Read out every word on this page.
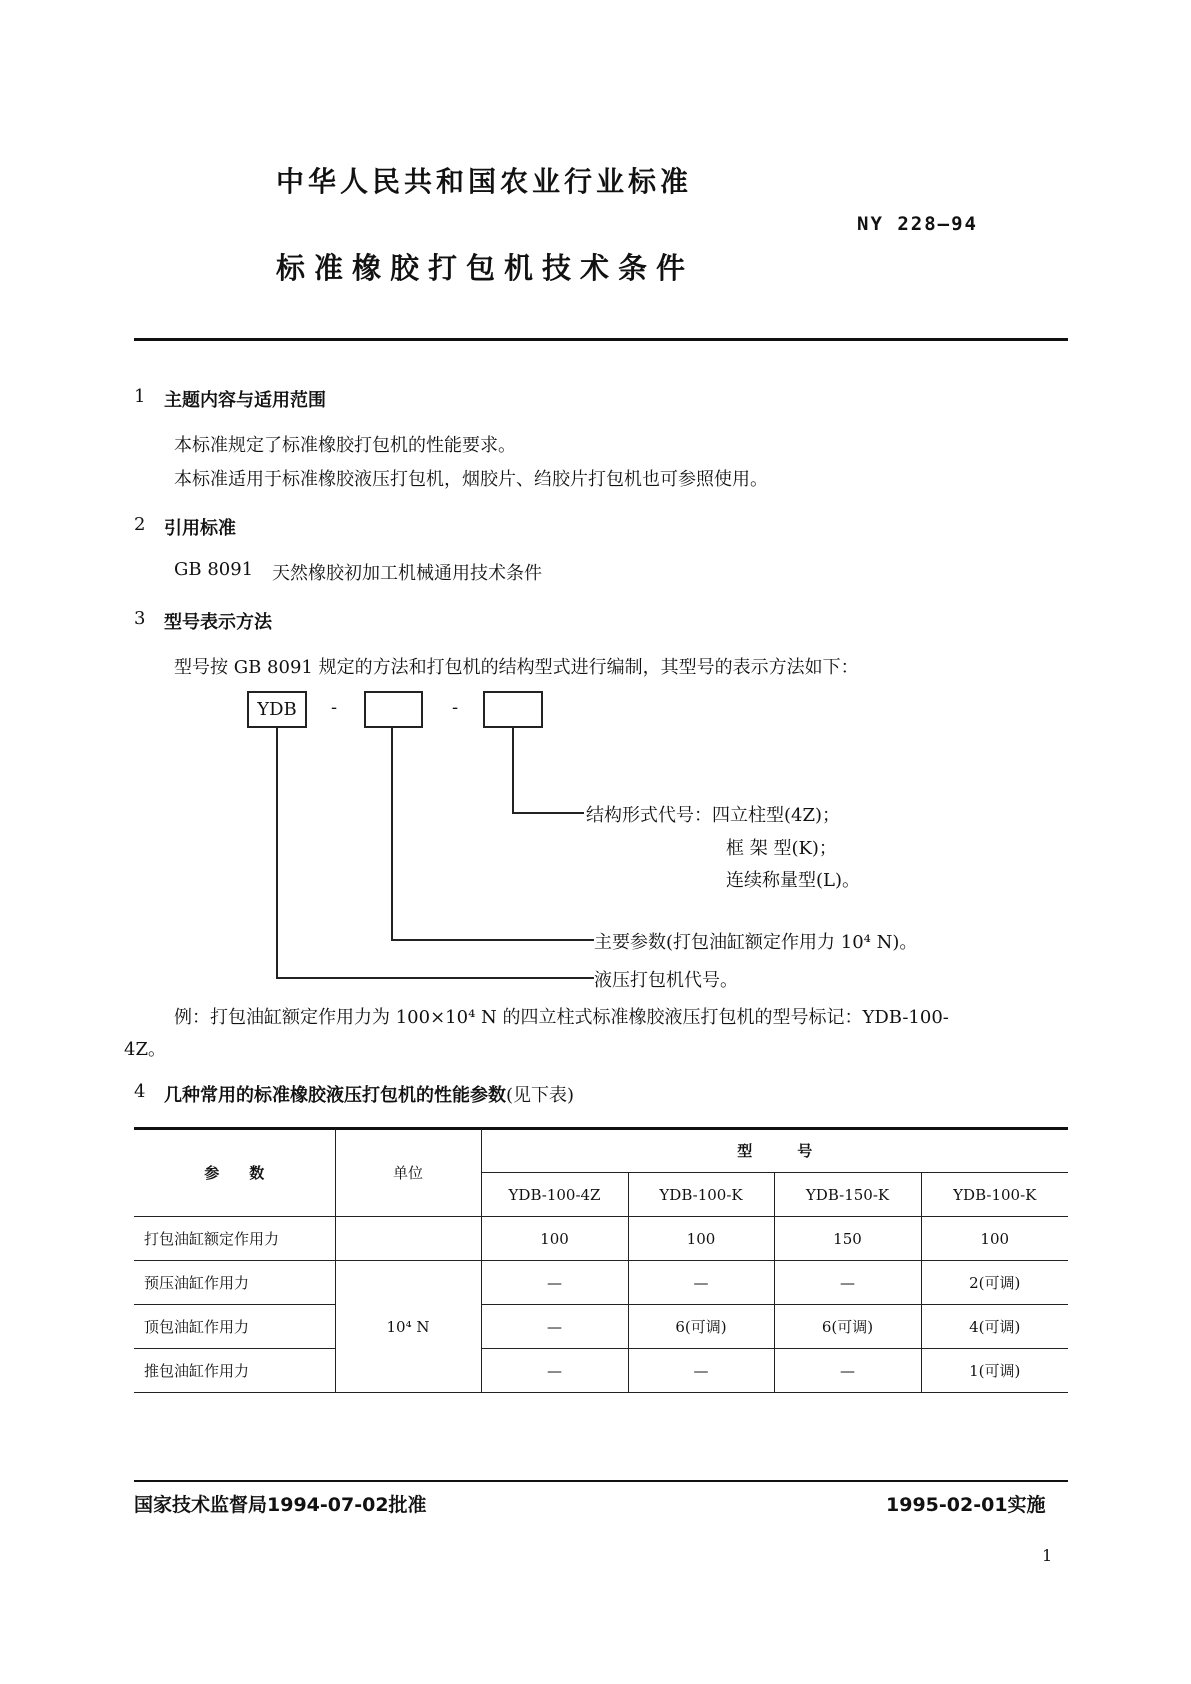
中华人民共和国农业行业标准
NY 228—94
标准橡胶打包机技术条件
1 主题内容与适用范围
本标准规定了标准橡胶打包机的性能要求。
本标准适用于标准橡胶液压打包机，烟胶片、绉胶片打包机也可参照使用。
2 引用标准
GB 8091 天然橡胶初加工机械通用技术条件
3 型号表示方法
型号按 GB 8091 规定的方法和打包机的结构型式进行编制，其型号的表示方法如下：
YDB	-	-
结构形式代号：四立柱型(4Z)；
框 架 型(K)；
连续称量型(L)。
主要参数(打包油缸额定作用力 10⁴ N)。
液压打包机代号。
例：打包油缸额定作用力为 100×10⁴ N 的四立柱式标准橡胶液压打包机的型号标记：YDB-100-
4Z。
4 几种常用的标准橡胶液压打包机的性能参数(见下表)
参　　数	单位	型　　　号			
		YDB-100-4Z	YDB-100-K	YDB-150-K	YDB-100-K
打包油缸额定作用力		100	100	150	100
预压油缸作用力	10⁴ N	—	—	—	2(可调)
顶包油缸作用力		—	6(可调)	6(可调)	4(可调)
推包油缸作用力		—	—	—	1(可调)
国家技术监督局1994-07-02批准	1995-02-01实施
1
